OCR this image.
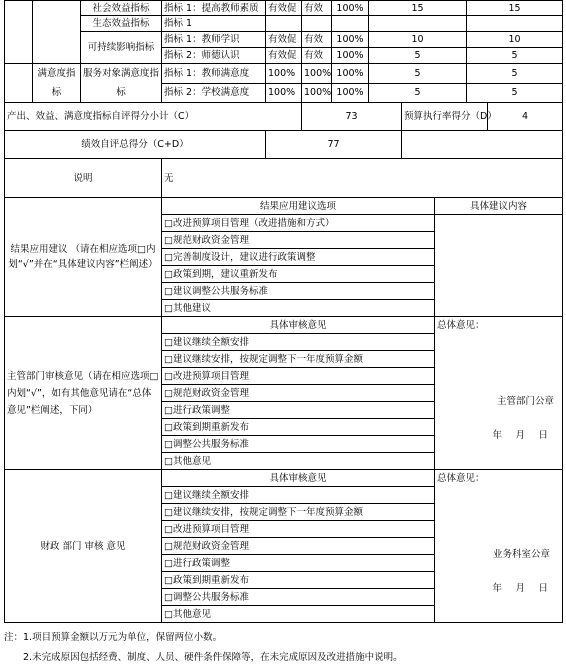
		社会效益指标	指标 1：提高教师素质	有效促	有效	100%	15			15	
		生态效益指标	指标 1								
		可持续影响指标	指标 1：教师学识	有效促	有效	100%	10			10	
			指标 2：师德认识	有效促	有效	100%	5			5	
	满意度指标	服务对象满意度指标	指标 1：教师满意度	100%	100%	100%	5			5	
			指标 2：学校满意度	100%	100%	100%	5			5	
产出、效益、满意度指标自评得分小计（C）					73			预算执行率得分（D）			4
绩效自评总得分（C+D）				77							
说明			无								
结果应用建议 （请在相应选项□内划“√”并在“具体建议内容”栏阐述）			结果应用建议选项						具体建议内容		
			□改进预算项目管理（改进措施和方式）								
			□规范财政资金管理								
			□完善制度设计，建议进行政策调整								
			□政策到期，建议重新发布								
			□建议调整公共服务标准								
			□其他建议								
主管部门审核意见（请在相应选项□内划“√”，如有其他意见请在“总体意见”栏阐述，下同）			具体审核意见						总体意见：
主管部门公章
年　月　日		

			□建议继续全额安排								
			□建议继续安排，按规定调整下一年度预算金额								
			□改进预算项目管理								
			□规范财政资金管理								
			□进行政策调整								
			□政策到期重新发布								
			□调整公共服务标准								
			□其他意见								
财政 部门 审核 意见			具体审核意见						总体意见：
业务科室公章
年　月　日		

			□建议继续全额安排								
			□建议继续安排，按规定调整下一年度预算金额								
			□改进预算项目管理								
			□规范财政资金管理								
			□进行政策调整								
			□政策到期重新发布								
			□调整公共服务标准								
			□其他意见								
注：1.项目预算金额以万元为单位，保留两位小数。
2.未完成原因包括经费、制度、人员、硬件条件保障等，在未完成原因及改进措施中说明。
